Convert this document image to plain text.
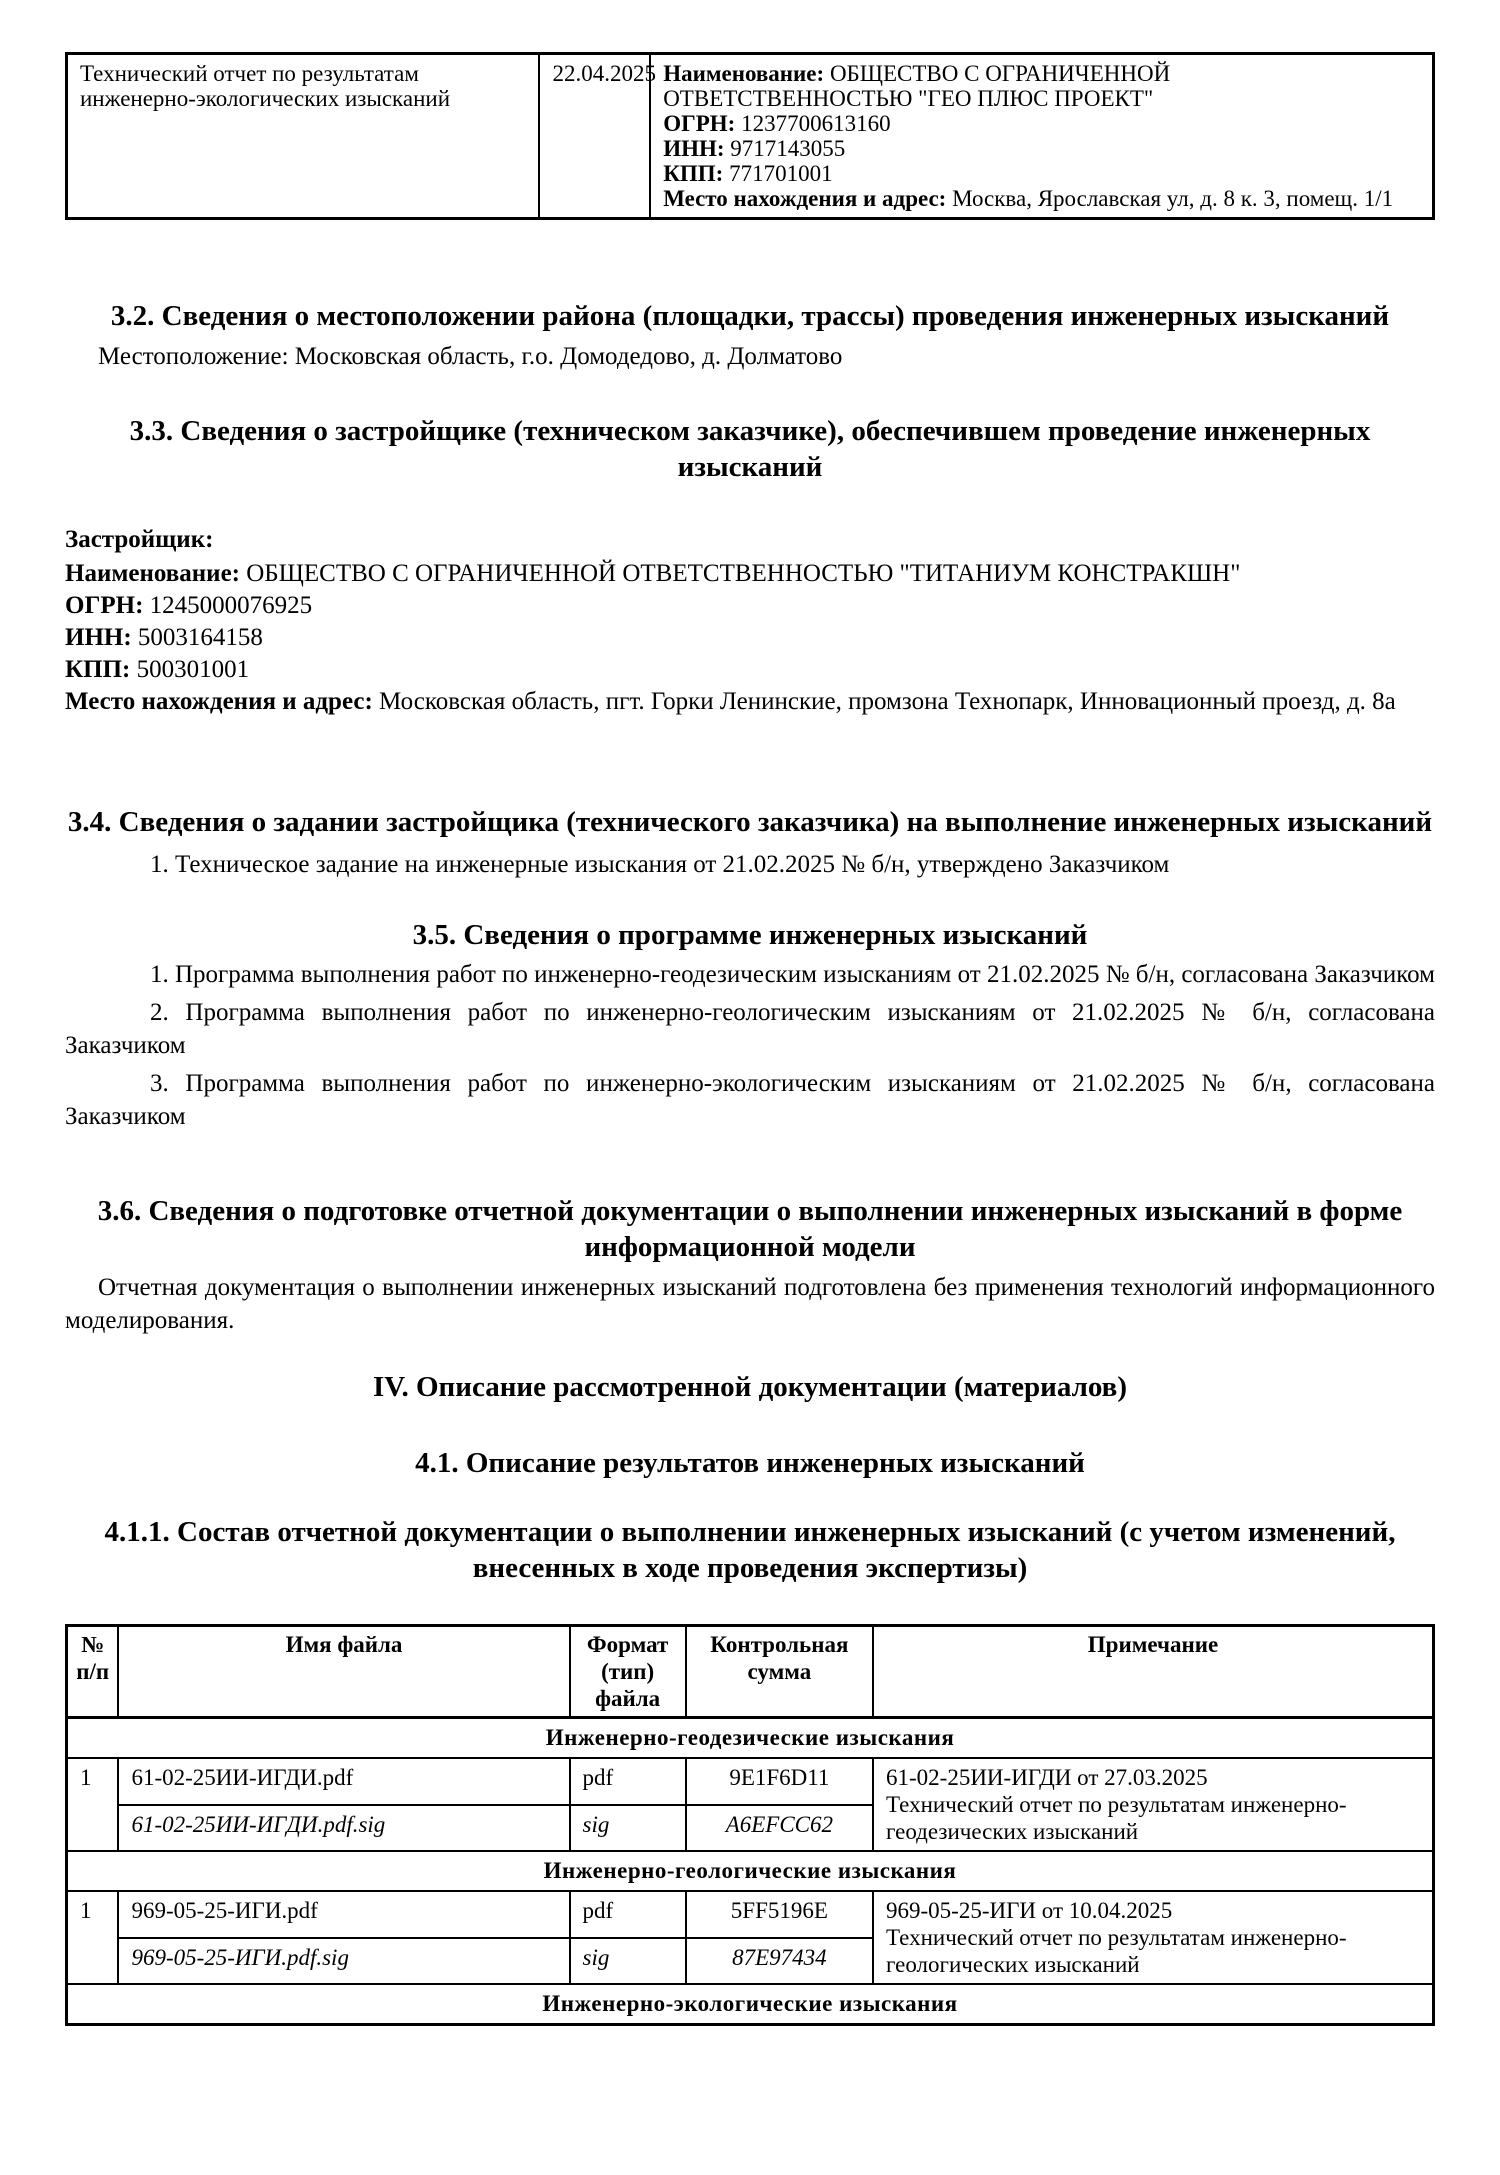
Технический отчет по результатам инженерно-экологических изысканий	22.04.2025	Наименование: ОБЩЕСТВО С ОГРАНИЧЕННОЙ ОТВЕТСТВЕННОСТЬЮ "ГЕО ПЛЮС ПРОЕКТ"
ОГРН: 1237700613160
ИНН: 9717143055
КПП: 771701001
Место нахождения и адрес: Москва, Ярославская ул, д. 8 к. 3, помещ. 1/1
3.2. Сведения о местоположении района (площадки, трассы) проведения инженерных изысканий
Местоположение: Московская область, г.о. Домодедово, д. Долматово
3.3. Сведения о застройщике (техническом заказчике), обеспечившем проведение инженерных изысканий
Застройщик:
Наименование: ОБЩЕСТВО С ОГРАНИЧЕННОЙ ОТВЕТСТВЕННОСТЬЮ "ТИТАНИУМ КОНСТРАКШН"
ОГРН: 1245000076925
ИНН: 5003164158
КПП: 500301001
Место нахождения и адрес: Московская область, пгт. Горки Ленинские, промзона Технопарк, Инновационный проезд, д. 8а
3.4. Сведения о задании застройщика (технического заказчика) на выполнение инженерных изысканий
1. Техническое задание на инженерные изыскания от 21.02.2025 № б/н, утверждено Заказчиком
3.5. Сведения о программе инженерных изысканий
1. Программа выполнения работ по инженерно-геодезическим изысканиям от 21.02.2025 № б/н, согласована Заказчиком
2. Программа выполнения работ по инженерно-геологическим изысканиям от 21.02.2025 № б/н, согласована Заказчиком
3. Программа выполнения работ по инженерно-экологическим изысканиям от 21.02.2025 № б/н, согласована Заказчиком
3.6. Сведения о подготовке отчетной документации о выполнении инженерных изысканий в форме информационной модели
Отчетная документация о выполнении инженерных изысканий подготовлена без применения технологий информационного моделирования.
IV. Описание рассмотренной документации (материалов)
4.1. Описание результатов инженерных изысканий
4.1.1. Состав отчетной документации о выполнении инженерных изысканий (с учетом изменений, внесенных в ходе проведения экспертизы)
№ п/п	Имя файла	Формат (тип) файла	Контрольная сумма	Примечание
Инженерно-геодезические изыскания				
1	61-02-25ИИ-ИГДИ.pdf	pdf	9E1F6D11	61-02-25ИИ-ИГДИ от 27.03.2025
Технический отчет по результатам инженерно-геодезических изысканий

	61-02-25ИИ-ИГДИ.pdf.sig	sig	A6EFCC62	
Инженерно-геологические изыскания				
1	969-05-25-ИГИ.pdf	pdf	5FF5196E	969-05-25-ИГИ от 10.04.2025
Технический отчет по результатам инженерно-геологических изысканий

	969-05-25-ИГИ.pdf.sig	sig	87E97434	
Инженерно-экологические изыскания				
